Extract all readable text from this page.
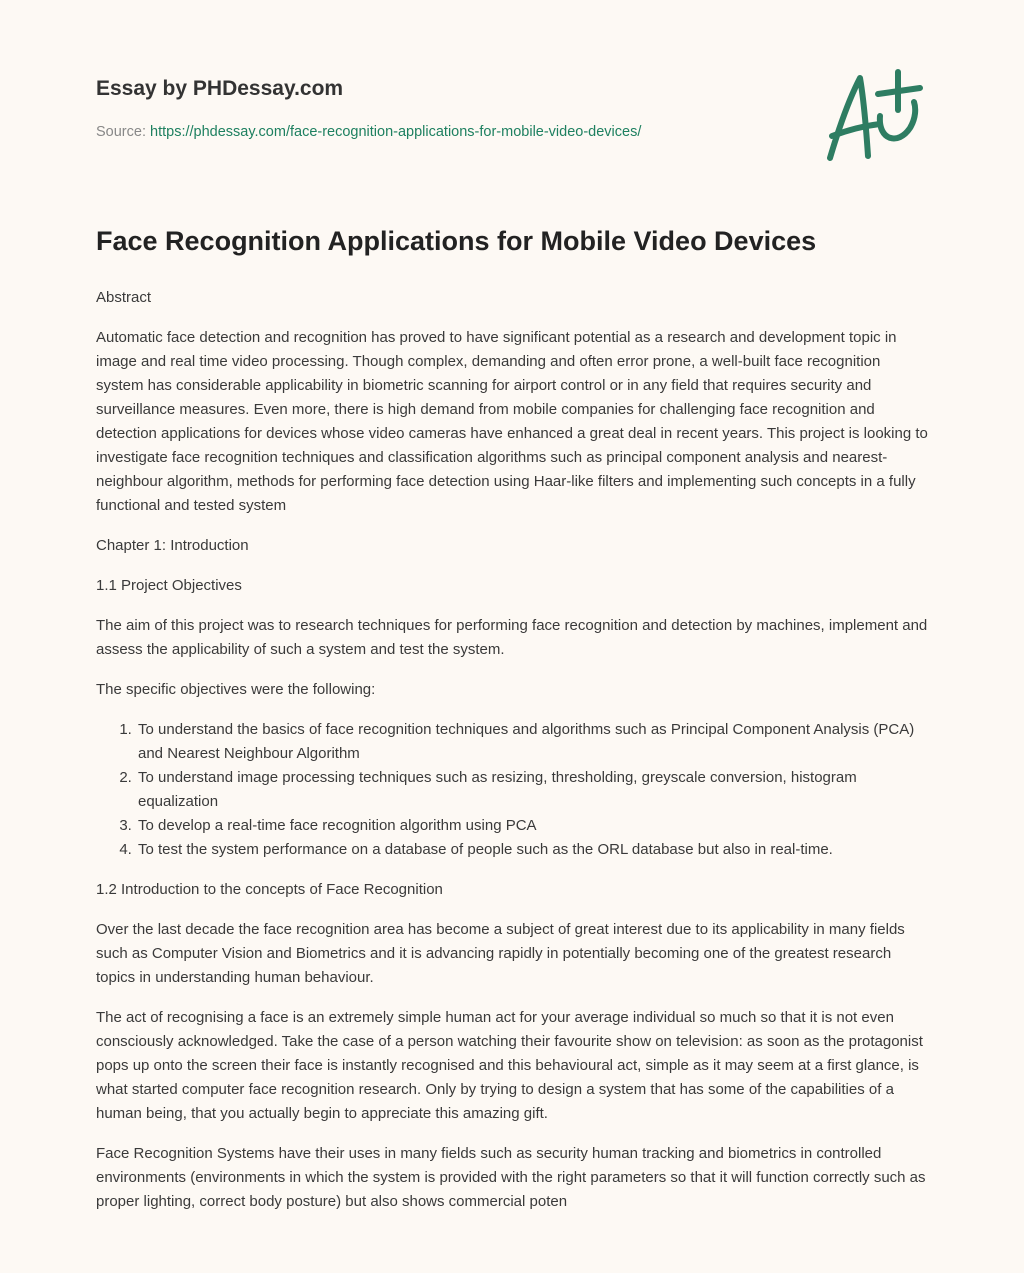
Essay by PHDessay.com
Source: https://phdessay.com/face-recognition-applications-for-mobile-video-devices/
Face Recognition Applications for Mobile Video Devices

Abstract

Automatic face detection and recognition has proved to have significant potential as a research and development topic in image and real time video processing. Though complex, demanding and often error prone, a well-built face recognition system has considerable applicability in biometric scanning for airport control or in any field that requires security and surveillance measures. Even more, there is high demand from mobile companies for challenging face recognition and detection applications for devices whose video cameras have enhanced a great deal in recent years. This project is looking to investigate face recognition techniques and classification algorithms such as principal component analysis and nearest-neighbour algorithm, methods for performing face detection using Haar-like filters and implementing such concepts in a fully functional and tested system

Chapter 1: Introduction

1.1 Project Objectives

The aim of this project was to research techniques for performing face recognition and detection by machines, implement and assess the applicability of such a system and test the system.

The specific objectives were the following:

1. To understand the basics of face recognition techniques and algorithms such as Principal Component Analysis (PCA) and Nearest Neighbour Algorithm
2. To understand image processing techniques such as resizing, thresholding, greyscale conversion, histogram equalization
3. To develop a real-time face recognition algorithm using PCA
4. To test the system performance on a database of people such as the ORL database but also in real-time.

1.2 Introduction to the concepts of Face Recognition

Over the last decade the face recognition area has become a subject of great interest due to its applicability in many fields such as Computer Vision and Biometrics and it is advancing rapidly in potentially becoming one of the greatest research topics in understanding human behaviour.

The act of recognising a face is an extremely simple human act for your average individual so much so that it is not even consciously acknowledged. Take the case of a person watching their favourite show on television: as soon as the protagonist pops up onto the screen their face is instantly recognised and this behavioural act, simple as it may seem at a first glance, is what started computer face recognition research. Only by trying to design a system that has some of the capabilities of a human being, that you actually begin to appreciate this amazing gift.

Face Recognition Systems have their uses in many fields such as security human tracking and biometrics in controlled environments (environments in which the system is provided with the right parameters so that it will function correctly such as proper lighting, correct body posture) but also shows commercial poten
